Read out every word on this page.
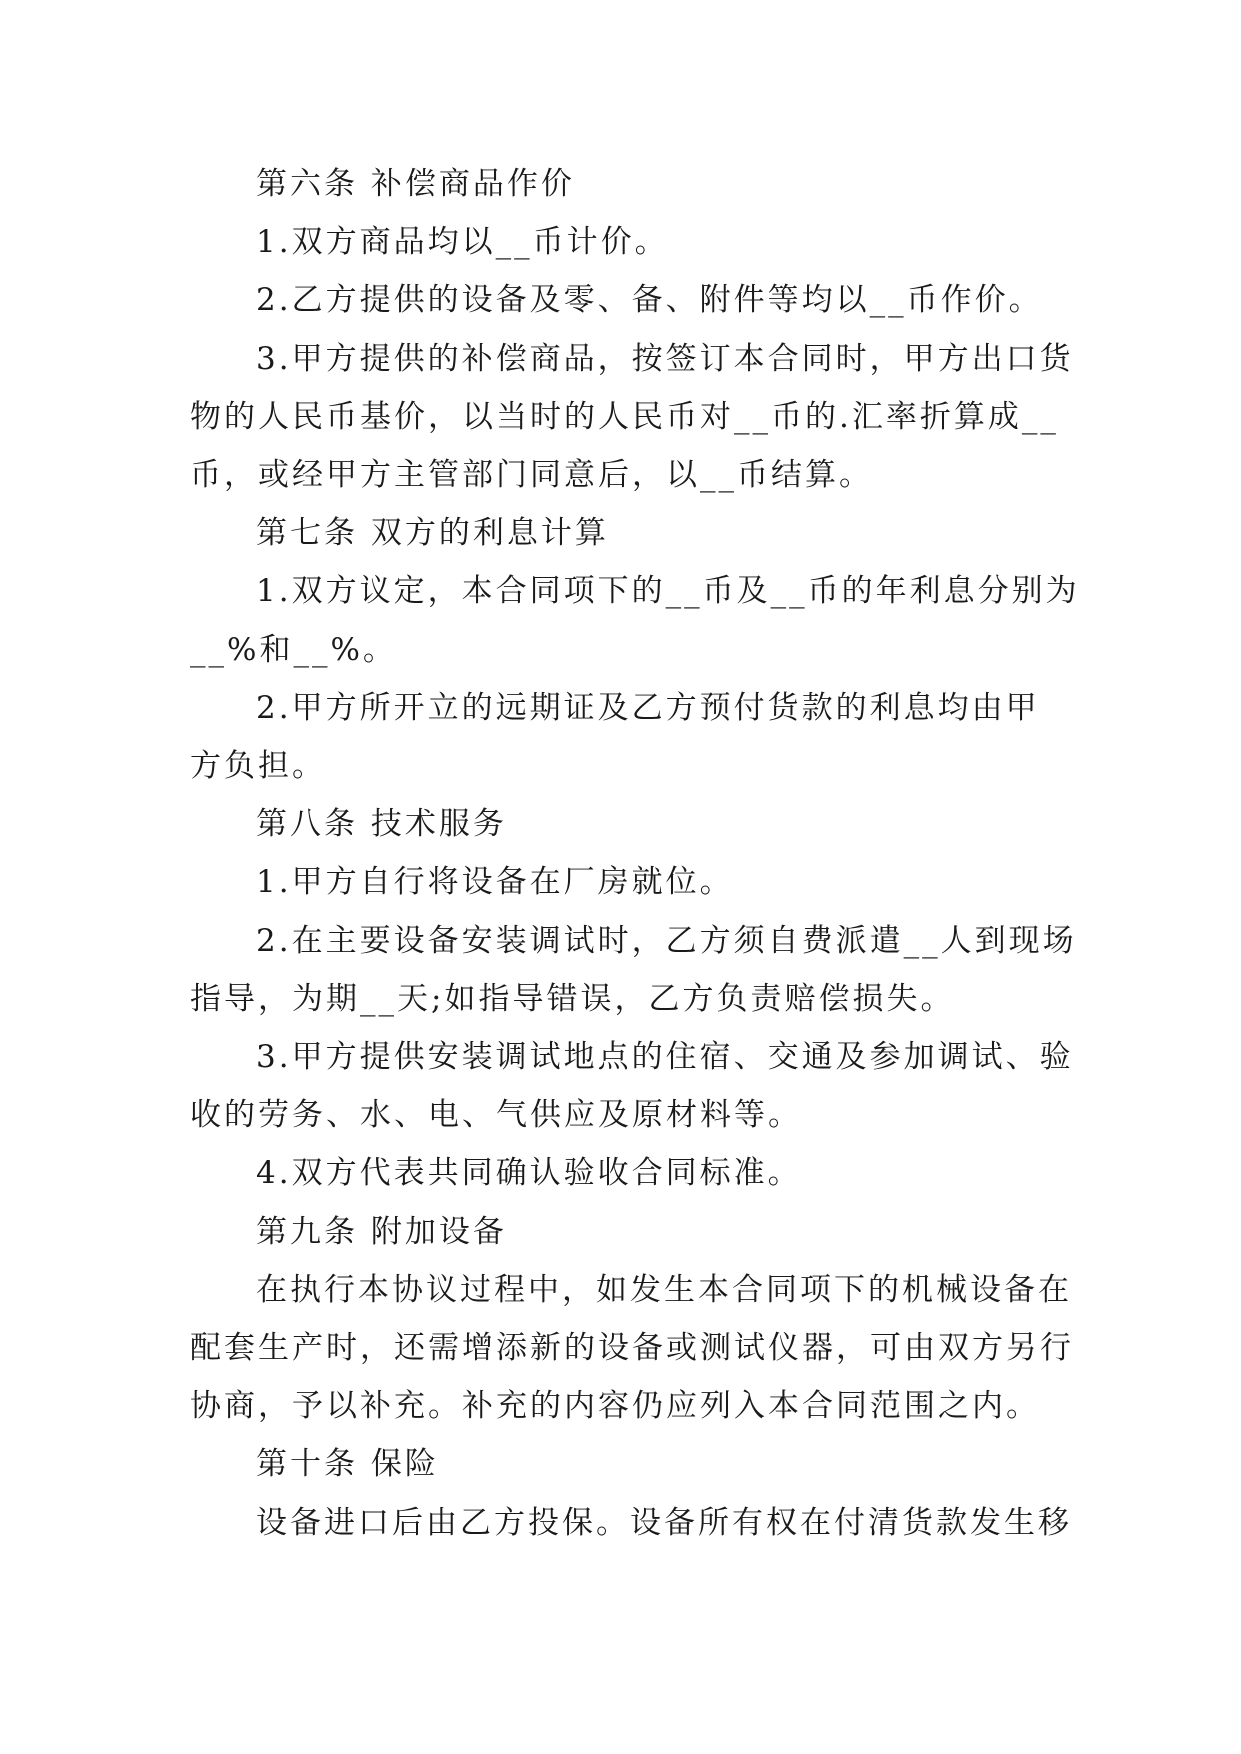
第六条 补偿商品作价

1.双方商品均以__币计价。

2.乙方提供的设备及零、备、附件等均以__币作价。

3.甲方提供的补偿商品，按签订本合同时，甲方出口货

物的人民币基价，以当时的人民币对__币的.汇率折算成__

币，或经甲方主管部门同意后，以__币结算。

第七条 双方的利息计算

1.双方议定，本合同项下的__币及__币的年利息分别为

__%和__%。

2.甲方所开立的远期证及乙方预付货款的利息均由甲

方负担。

第八条 技术服务

1.甲方自行将设备在厂房就位。

2.在主要设备安装调试时，乙方须自费派遣__人到现场

指导，为期__天;如指导错误，乙方负责赔偿损失。

3.甲方提供安装调试地点的住宿、交通及参加调试、验

收的劳务、水、电、气供应及原材料等。

4.双方代表共同确认验收合同标准。

第九条 附加设备

在执行本协议过程中，如发生本合同项下的机械设备在

配套生产时，还需增添新的设备或测试仪器，可由双方另行

协商，予以补充。补充的内容仍应列入本合同范围之内。

第十条 保险

设备进口后由乙方投保。设备所有权在付清货款发生移
